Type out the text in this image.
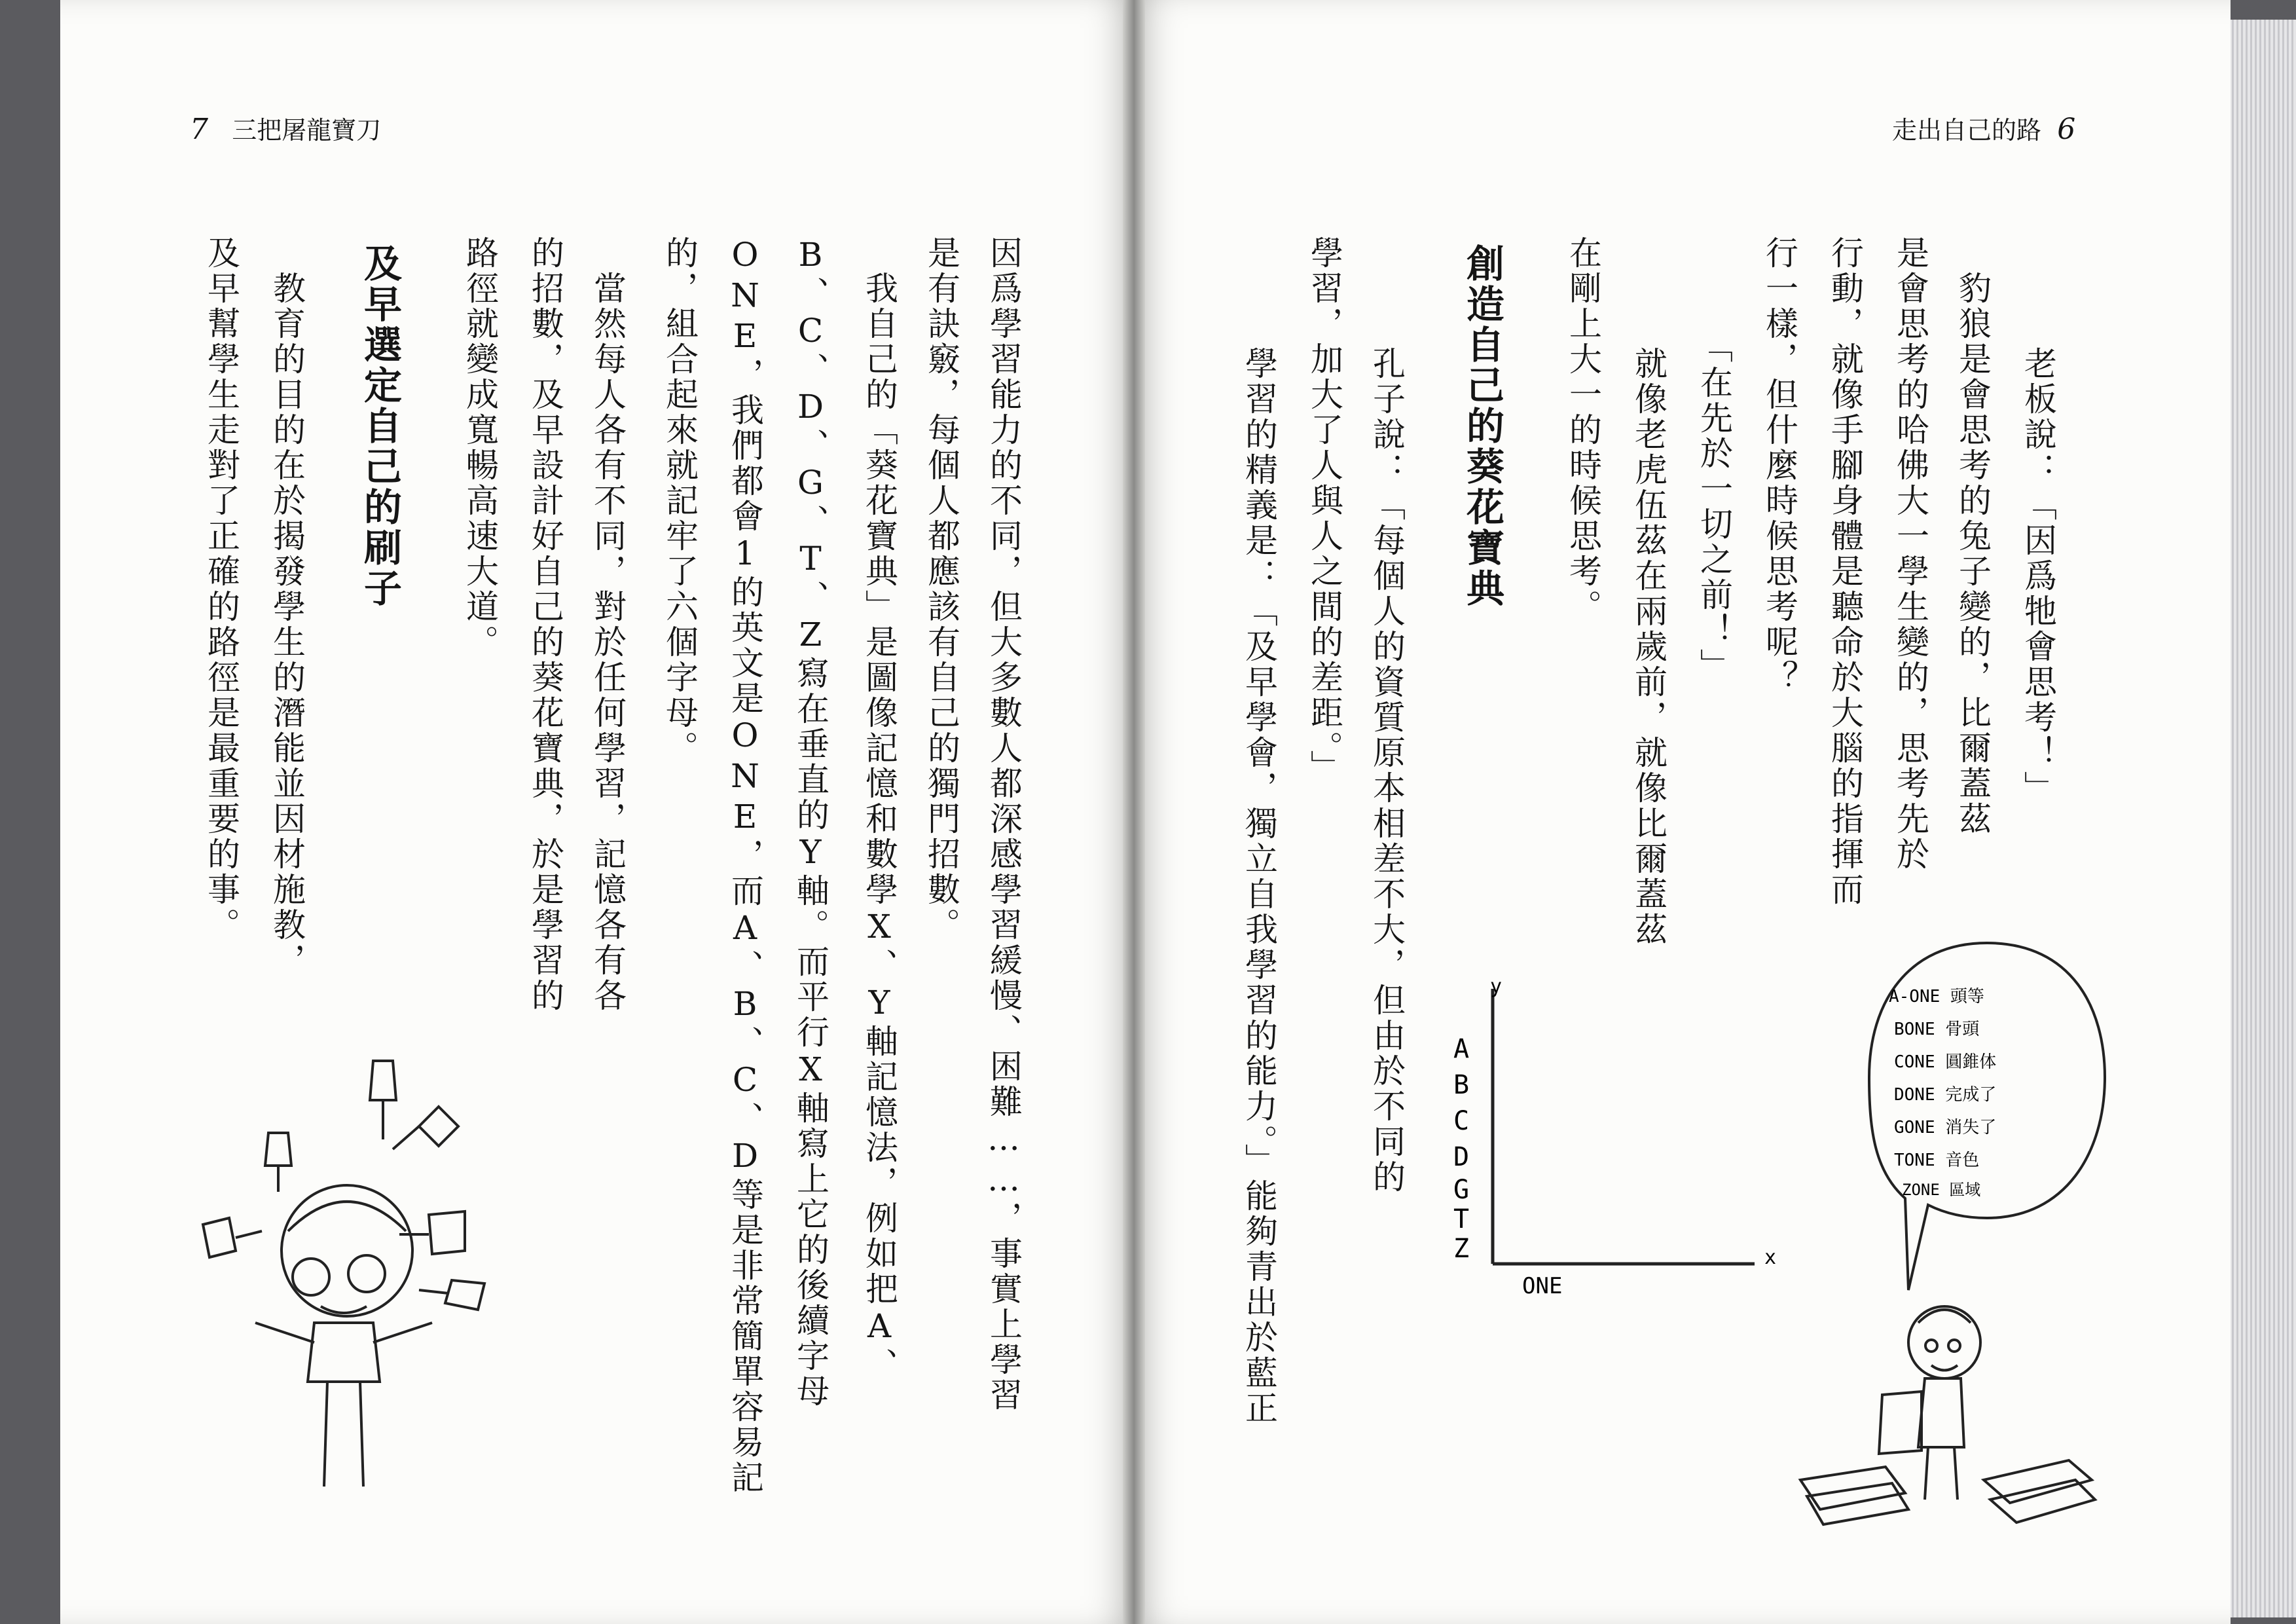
7 三把屠龍寶刀	走出自己的路 6
因爲學習能力的不同，但大多數人都深感學習緩慢、困難……，事實上學習
是有訣竅，每個人都應該有自己的獨門招數。
　我自己的「葵花寶典」是圖像記憶和數學X、Y軸記憶法，例如把A、
B、C、D、G、T、Z寫在垂直的Y軸。而平行X軸寫上它的後續字母
ONE，我們都會1的英文是ONE，而A、B、C、D等是非常簡單容易記
的，組合起來就記牢了六個字母。
　當然每人各有不同，對於任何學習，記憶各有各
的招數，及早設計好自己的葵花寶典，於是學習的
路徑就變成寬暢高速大道。
及早選定自己的刷子
　教育的目的在於揭發學生的潛能並因材施教，
及早幫學生走對了正確的路徑是最重要的事。	　老板說：「因爲牠會思考！」
　豹狼是會思考的兔子變的，比爾蓋茲
是會思考的哈佛大一學生變的，思考先於
行動，就像手腳身體是聽命於大腦的指揮而
行一樣，但什麼時候思考呢？
　「在先於一切之前！」
　就像老虎伍茲在兩歲前，就像比爾蓋茲
在剛上大一的時候思考。
創造自己的葵花寶典
　孔子說：「每個人的資質原本相差不大，但由於不同的
學習，加大了人與人之間的差距。」
　學習的精義是：「及早學會，獨立自我學習的能力。」能夠青出於藍正	y
x
A
B
C
D
G
T
Z
ONE
A-ONE 頭等
BONE 骨頭
CONE 圓錐体
DONE 完成了
GONE 消失了
TONE 音色
ZONE 區域
